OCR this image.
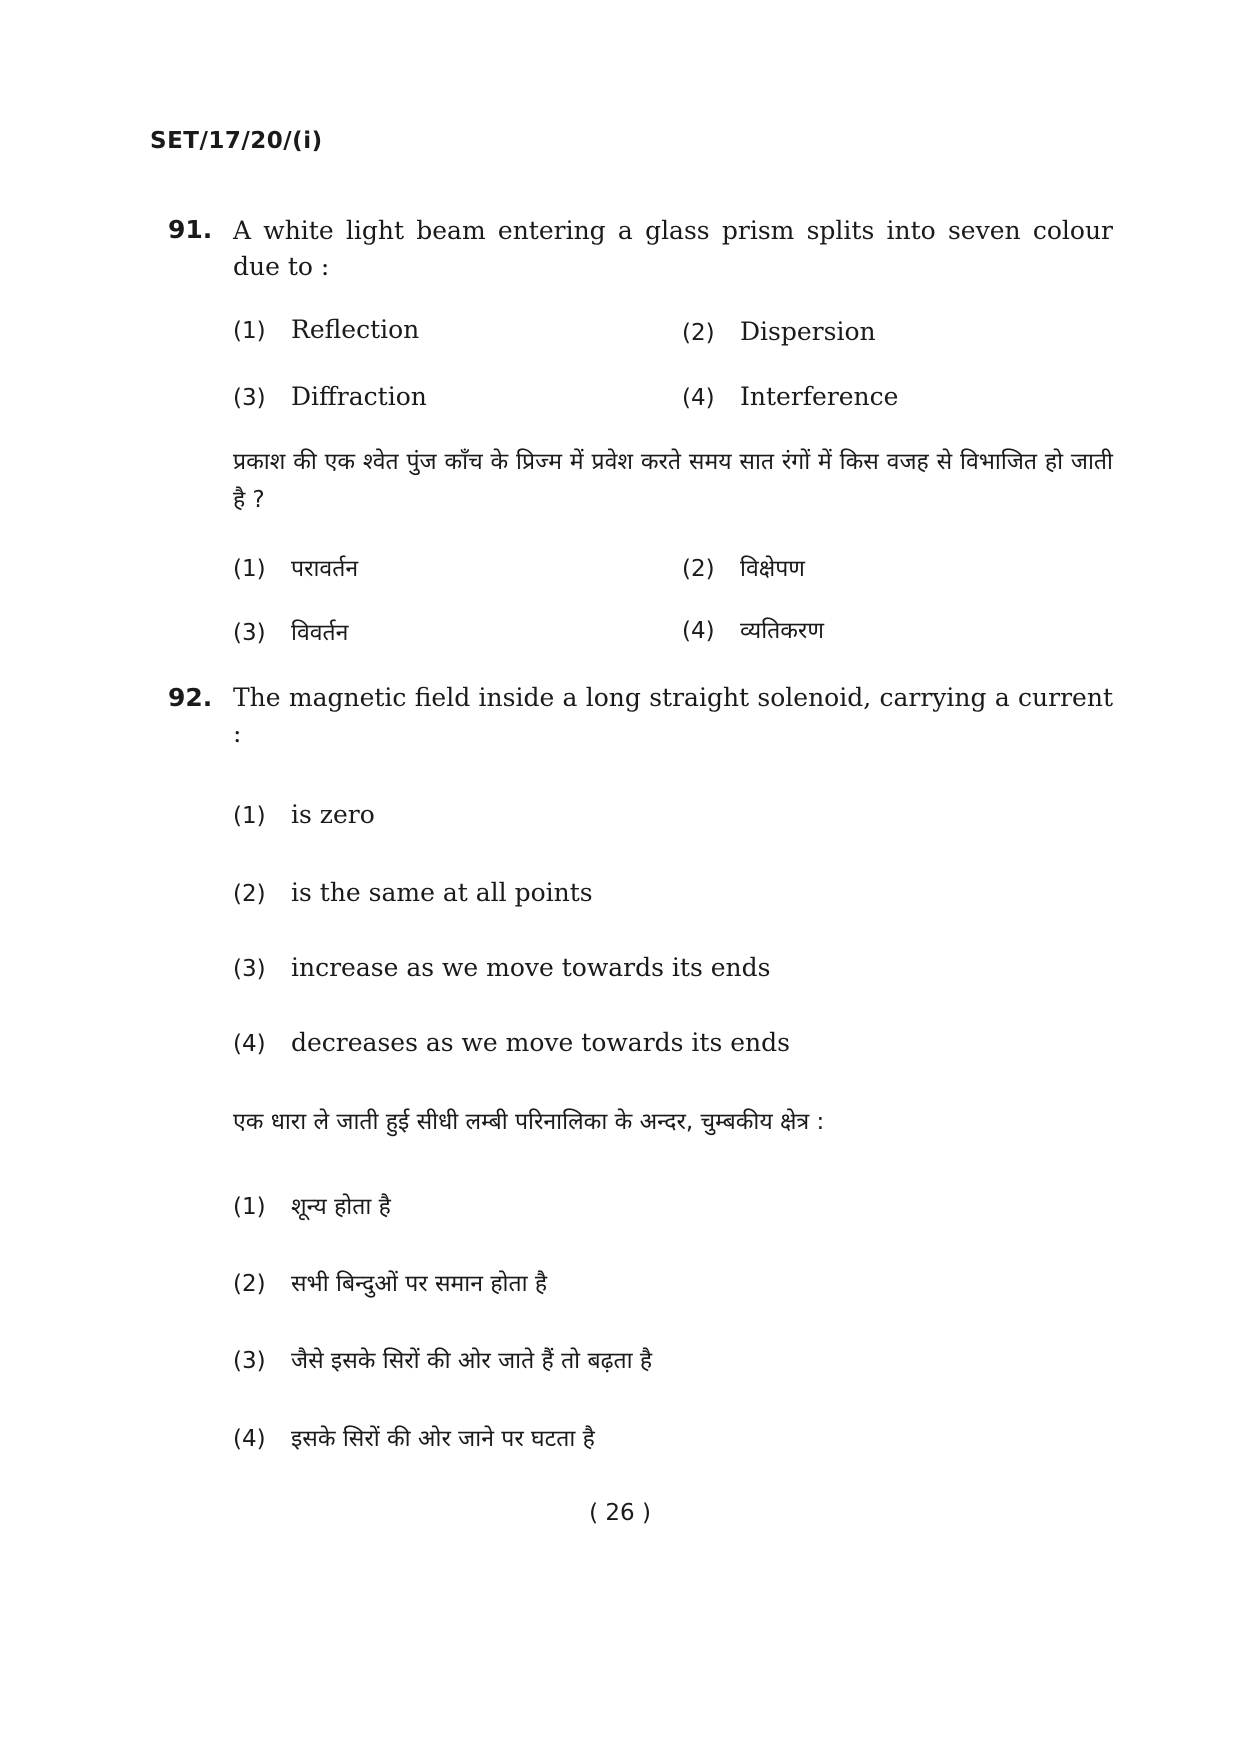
SET/17/20/(i)
91. A white light beam entering a glass prism splits into seven colour due to :
(1) Reflection	(2) Dispersion
(3) Diffraction	(4) Interference
प्रकाश की एक श्वेत पुंज काँच के प्रिज्म में प्रवेश करते समय सात रंगों में किस वजह से विभाजित हो जाती है ?
(1) परावर्तन	(2) विक्षेपण
(3) विवर्तन	(4) व्यतिकरण
92. The magnetic field inside a long straight solenoid, carrying a current :
(1) is zero
(2) is the same at all points
(3) increase as we move towards its ends
(4) decreases as we move towards its ends
एक धारा ले जाती हुई सीधी लम्बी परिनालिका के अन्दर, चुम्बकीय क्षेत्र :
(1) शून्य होता है
(2) सभी बिन्दुओं पर समान होता है
(3) जैसे इसके सिरों की ओर जाते हैं तो बढ़ता है
(4) इसके सिरों की ओर जाने पर घटता है
( 26 )
